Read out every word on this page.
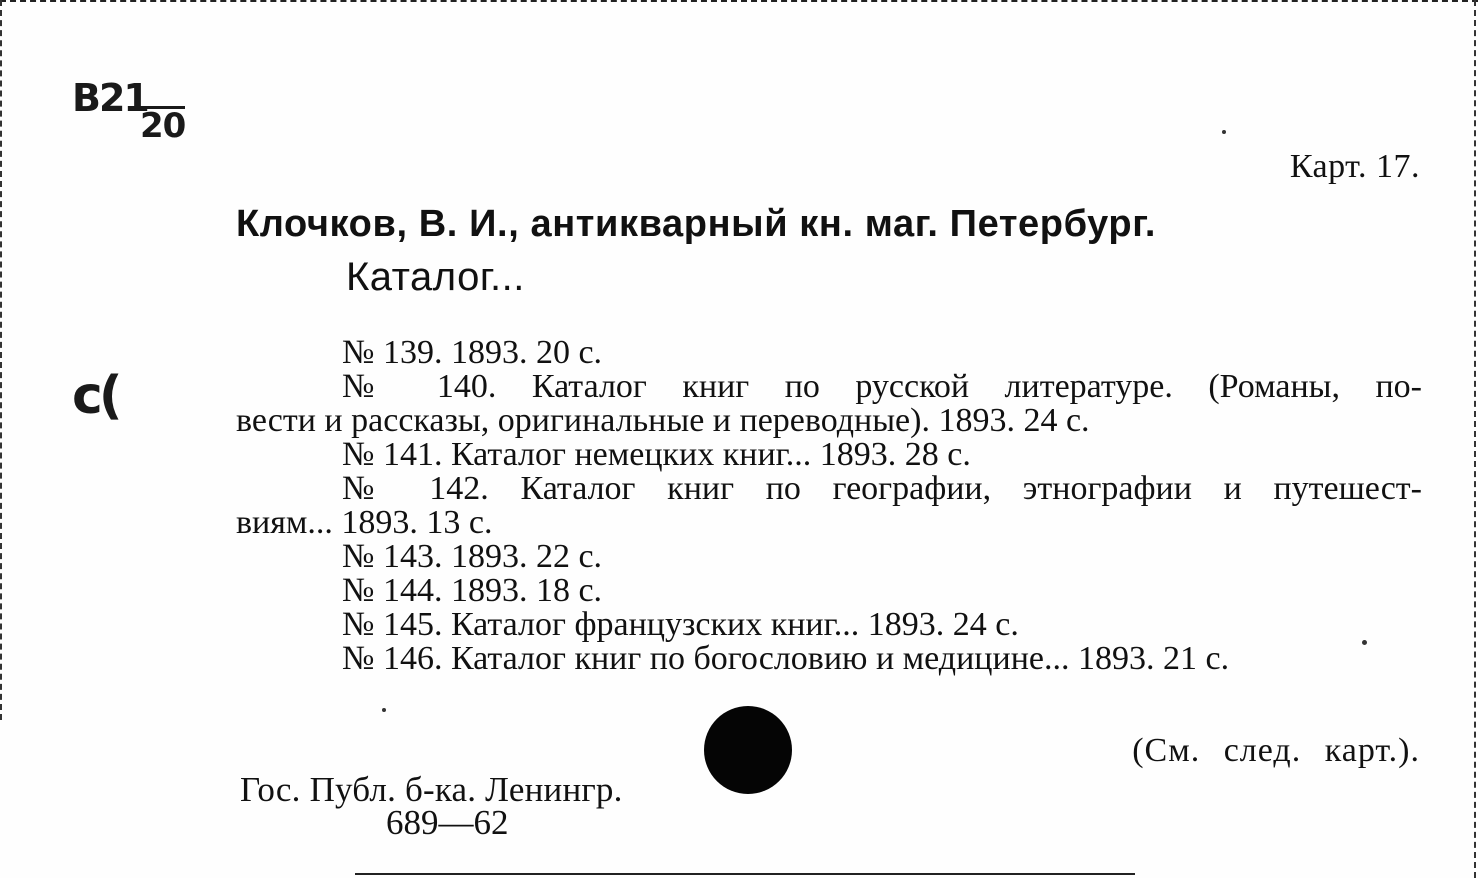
B21
20
c(
Карт. 17.
Клочков, В. И., антикварный кн. маг. Петербург.
Каталог...
№ 139. 1893. 20 с.
№ 140. Каталог книг по русской литературе. (Романы, по-
вести и рассказы, оригинальные и переводные). 1893. 24 с.
№ 141. Каталог немецких книг... 1893. 28 с.
№ 142. Каталог книг по географии, этнографии и путешест-
виям... 1893. 13 с.
№ 143. 1893. 22 с.
№ 144. 1893. 18 с.
№ 145. Каталог французских книг... 1893. 24 с.
№ 146. Каталог книг по богословию и медицине... 1893. 21 с.
(См. след. карт.).
Гос. Публ. б-ка. Ленингр.
689—62
